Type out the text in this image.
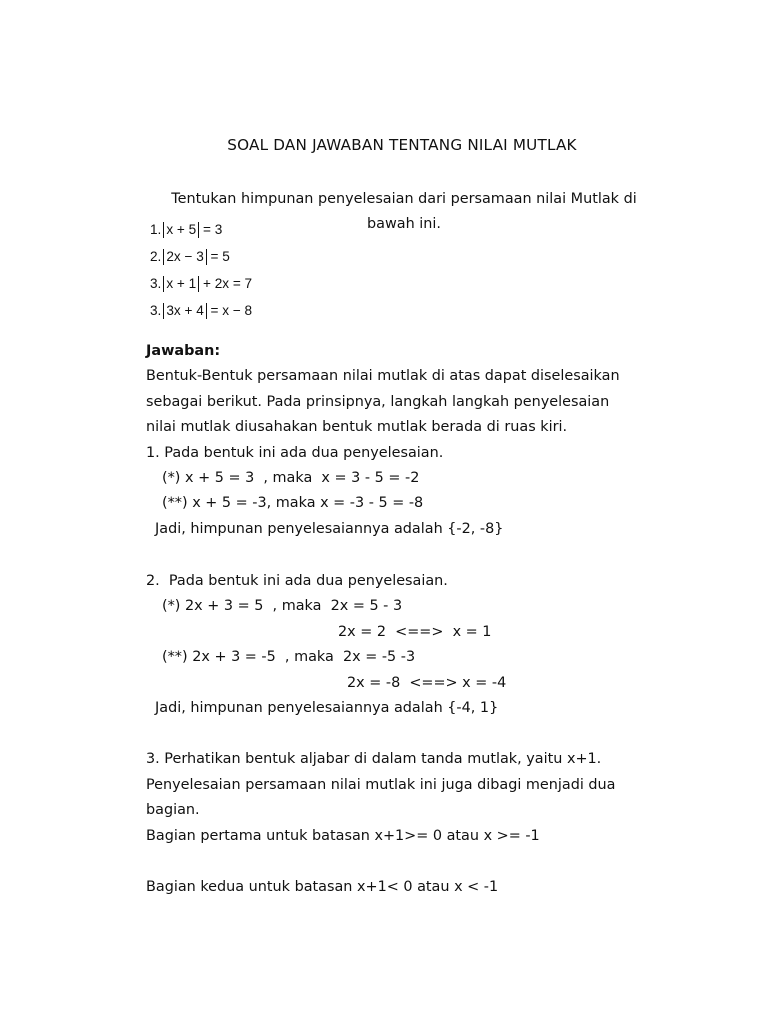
SOAL DAN JAWABAN TENTANG NILAI MUTLAK
Tentukan himpunan penyelesaian dari persamaan nilai Mutlak di bawah ini.
1. x + 5 = 3
2. 2x − 3 = 5
3. x + 1 + 2x = 7
3. 3x + 4 = x − 8
Jawaban:
Bentuk-Bentuk persamaan nilai mutlak di atas dapat diselesaikan
sebagai berikut. Pada prinsipnya, langkah langkah penyelesaian
nilai mutlak diusahakan bentuk mutlak berada di ruas kiri.
1. Pada bentuk ini ada dua penyelesaian.
(*) x + 5 = 3  , maka  x = 3 - 5 = -2
(**) x + 5 = -3, maka x = -3 - 5 = -8
Jadi, himpunan penyelesaiannya adalah {-2, -8}
2.  Pada bentuk ini ada dua penyelesaian.
(*) 2x + 3 = 5  , maka  2x = 5 - 3
2x = 2  <==>  x = 1
(**) 2x + 3 = -5  , maka  2x = -5 -3
2x = -8  <==> x = -4
Jadi, himpunan penyelesaiannya adalah {-4, 1}
3. Perhatikan bentuk aljabar di dalam tanda mutlak, yaitu x+1.
Penyelesaian persamaan nilai mutlak ini juga dibagi menjadi dua
bagian.
Bagian pertama untuk batasan x+1>= 0 atau x >= -1
Bagian kedua untuk batasan x+1< 0 atau x < -1
